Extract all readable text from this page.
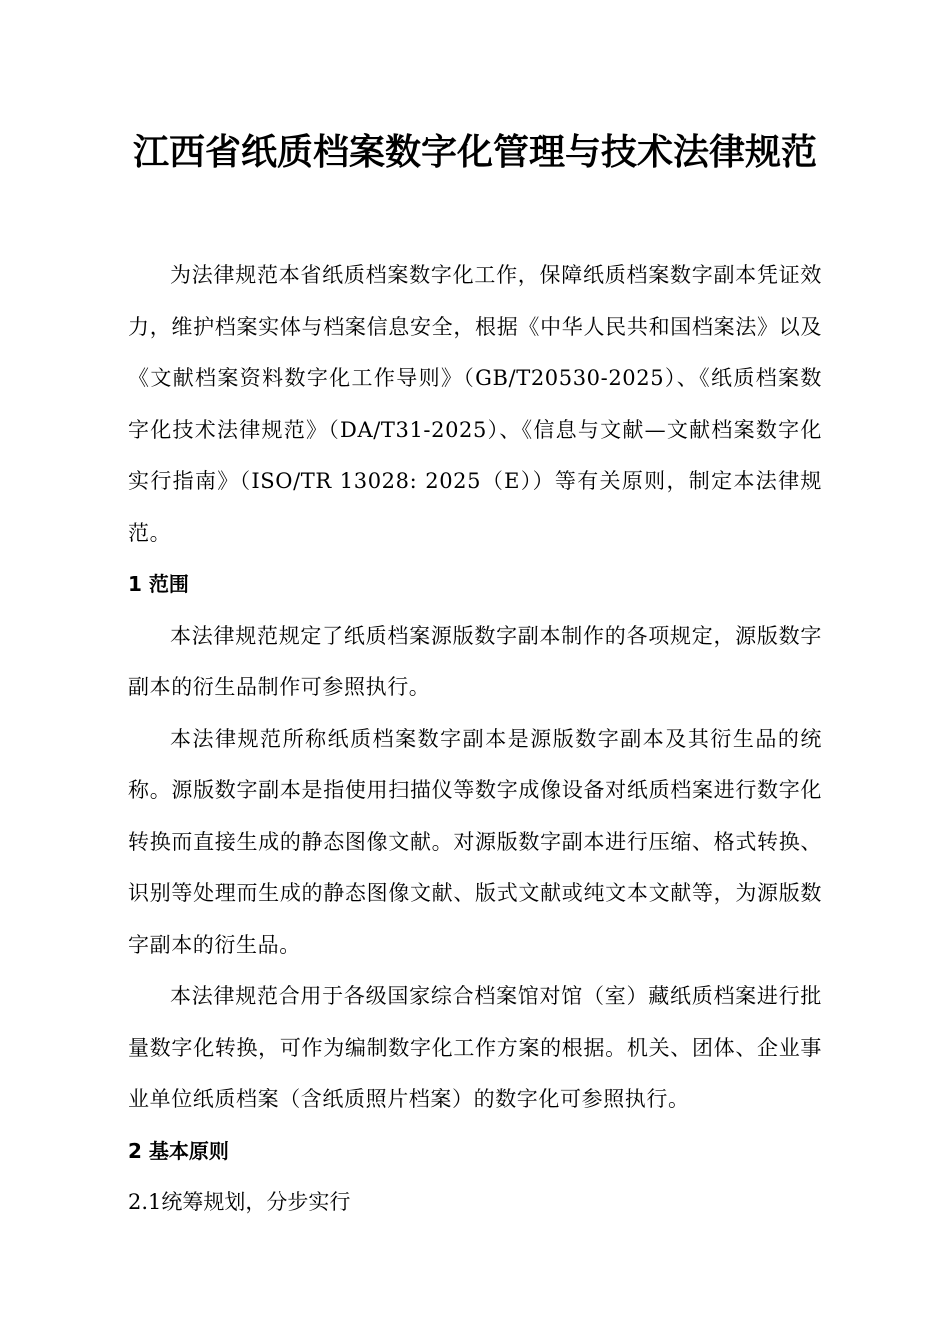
江西省纸质档案数字化管理与技术法律规范

为法律规范本省纸质档案数字化工作，保障纸质档案数字副本凭证效力，维护档案实体与档案信息安全，根据《中华人民共和国档案法》以及《文献档案资料数字化工作导则》（GB/T20530-2025）、《纸质档案数字化技术法律规范》（DA/T31-2025）、《信息与文献—文献档案数字化实行指南》（ISO/TR 13028: 2025（E））等有关原则，制定本法律规范。

1 范围

本法律规范规定了纸质档案源版数字副本制作的各项规定，源版数字副本的衍生品制作可参照执行。

本法律规范所称纸质档案数字副本是源版数字副本及其衍生品的统称。源版数字副本是指使用扫描仪等数字成像设备对纸质档案进行数字化转换而直接生成的静态图像文献。对源版数字副本进行压缩、格式转换、识别等处理而生成的静态图像文献、版式文献或纯文本文献等，为源版数字副本的衍生品。

本法律规范合用于各级国家综合档案馆对馆（室）藏纸质档案进行批量数字化转换，可作为编制数字化工作方案的根据。机关、团体、企业事业单位纸质档案（含纸质照片档案）的数字化可参照执行。

2 基本原则

2.1统筹规划，分步实行
